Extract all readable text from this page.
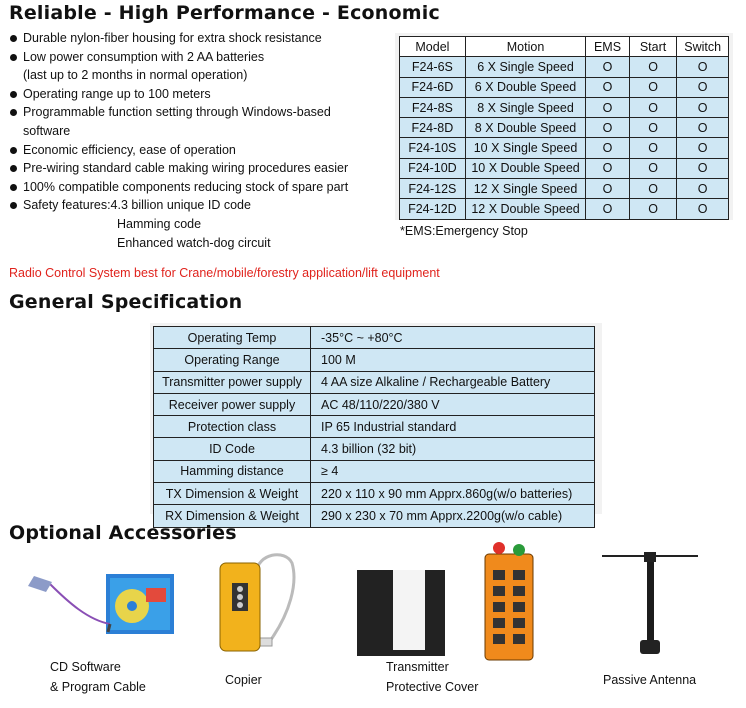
Reliable - High Performance - Economic
Durable nylon-fiber housing for extra shock resistance
Low power consumption with 2 AA batteries
(last up to 2 months in normal operation)
Operating range up to 100 meters
Programmable function setting through Windows-based
software
Economic efficiency, ease of operation
Pre-wiring standard cable making wiring procedures easier
100% compatible components reducing stock of spare part
Safety features:4.3 billion unique ID code
Hamming code
Enhanced watch-dog circuit
Model	Motion	EMS	Start	Switch
F24-6S	6 X Single Speed	O	O	O
F24-6D	6 X Double Speed	O	O	O
F24-8S	8 X Single Speed	O	O	O
F24-8D	8 X Double Speed	O	O	O
F24-10S	10 X Single Speed	O	O	O
F24-10D	10 X Double Speed	O	O	O
F24-12S	12 X Single Speed	O	O	O
F24-12D	12 X Double Speed	O	O	O
*EMS:Emergency Stop
Radio Control System best for Crane/mobile/forestry application/lift equipment
General Specification
Operating Temp	-35°C ~ +80°C
Operating Range	100 M
Transmitter power supply	4 AA size Alkaline / Rechargeable Battery
Receiver power supply	AC 48/110/220/380 V
Protection class	IP 65 Industrial standard
ID Code	4.3 billion (32 bit)
Hamming distance	≥ 4
TX Dimension & Weight	220 x 110 x 90 mm Apprx.860g(w/o batteries)
RX Dimension & Weight	290 x 230 x 70 mm Apprx.2200g(w/o cable)
Optional Accessories
CD Software
& Program Cable	Copier
Transmitter
Protective Cover	Passive Antenna
